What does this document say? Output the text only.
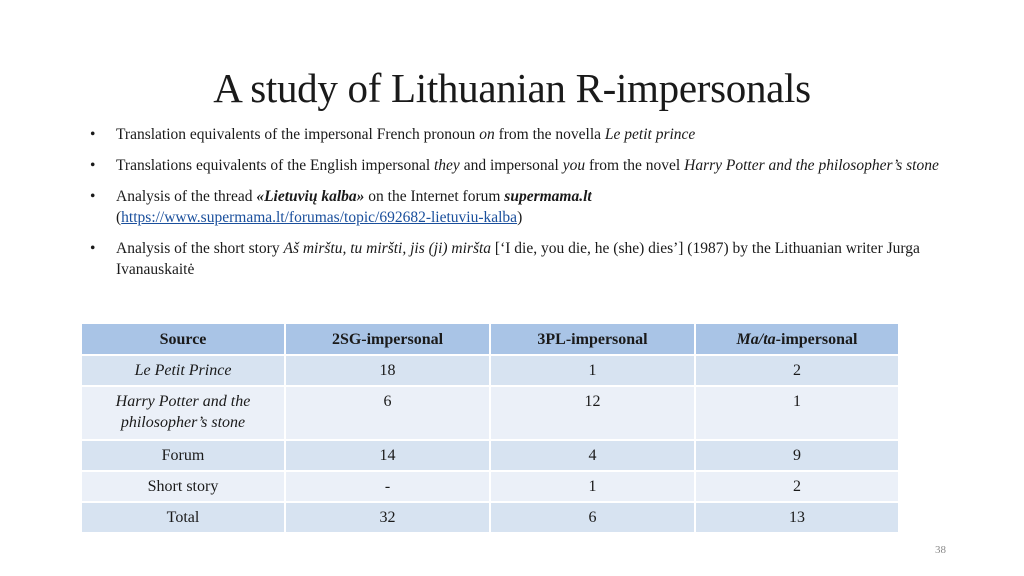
A study of Lithuanian R-impersonals
• Translation equivalents of the impersonal French pronoun on from the novella Le petit prince
• Translations equivalents of the English impersonal they and impersonal you from the novel Harry Potter and the philosopher’s stone
• Analysis of the thread «Lietuvių kalba» on the Internet forum supermama.lt
(https://www.supermama.lt/forumas/topic/692682-lietuviu-kalba)
• Analysis of the short story Aš mirštu, tu miršti, jis (ji) miršta [‘I die, you die, he (she) dies’] (1987) by the Lithuanian writer Jurga Ivanauskaitė
Source	2SG-impersonal	3PL-impersonal	Ma/ta-impersonal
Le Petit Prince	18	1	2
Harry Potter and the philosopher’s stone	6	12	1
Forum	14	4	9
Short story	-	1	2
Total	32	6	13
38
